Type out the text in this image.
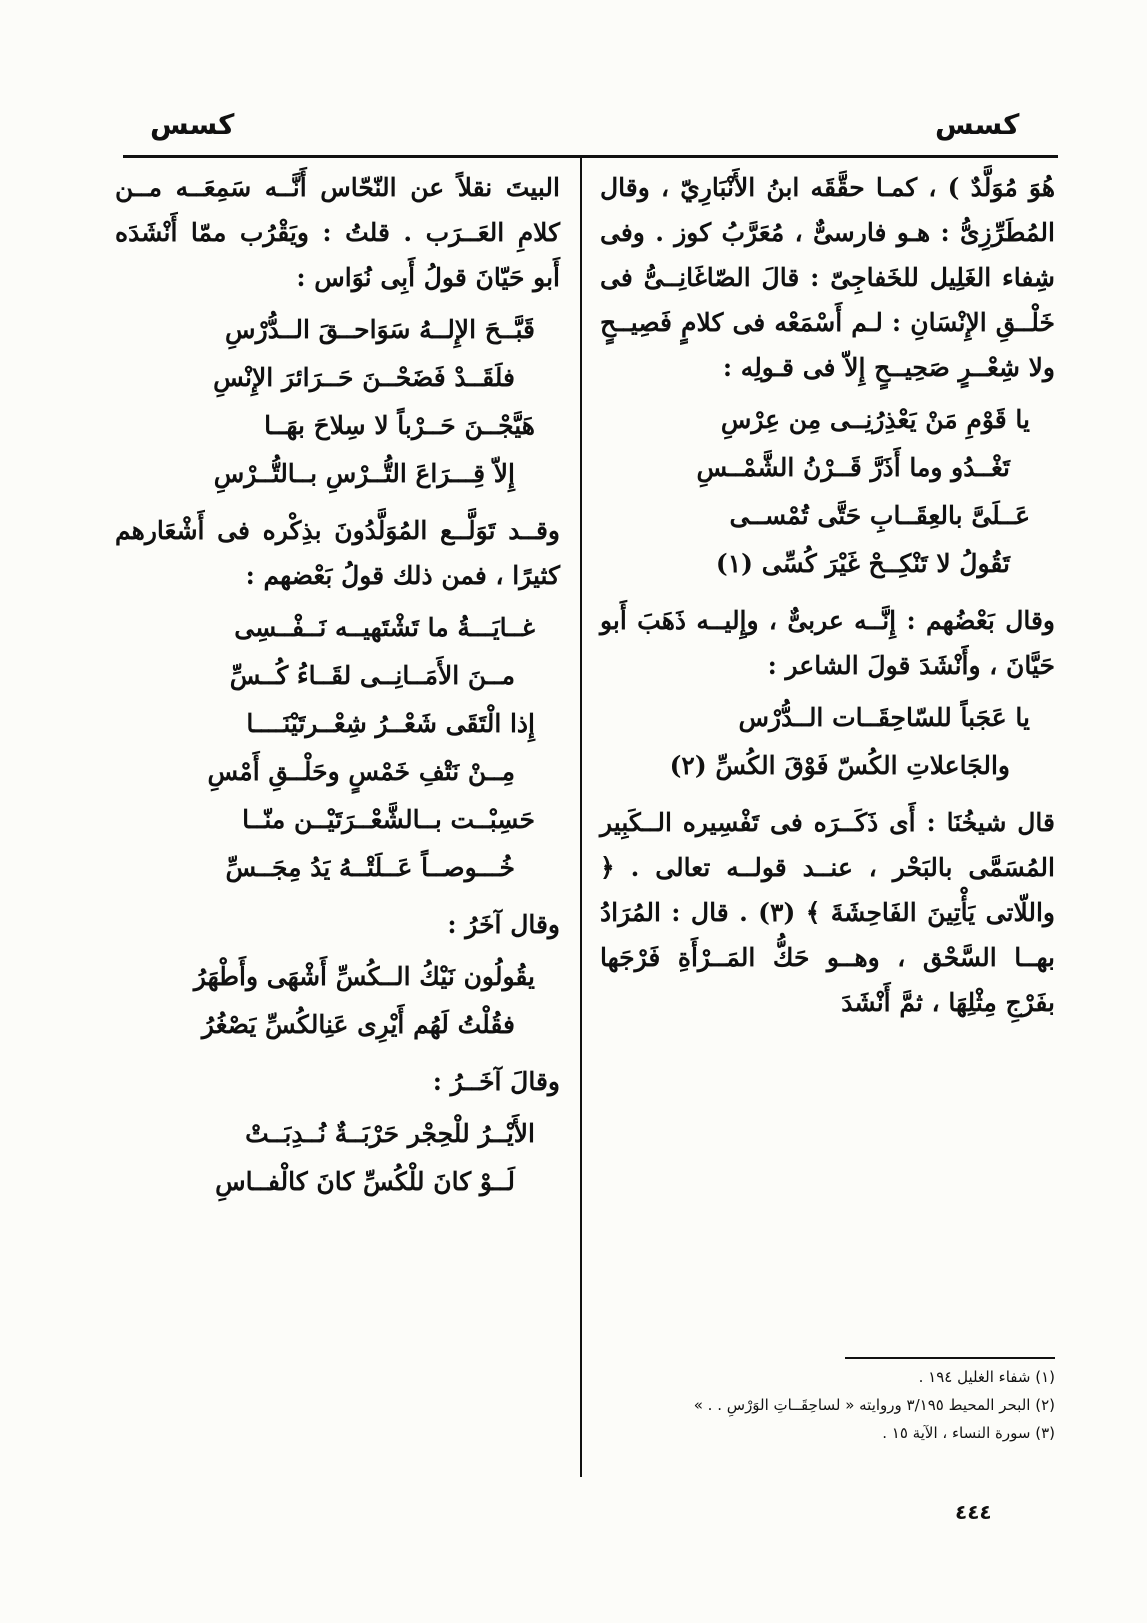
كسس
كسس

هُوَ مُوَلَّدٌ ) ، كمـا حقَّقَه ابنُ الأَنْبَارِيّ ، وقال المُطَرِّزِىُّ : هـو فارسىٌّ ، مُعَرَّبُ كوز . وفى شِفاء الغَلِيل للخَفاجِىّ : قالَ الصّاغَانِــىُّ فى خَلْــقِ الإِنْسَانِ : لـم أَسْمَعْه فى كلامٍ فَصِيــحٍ ولا شِعْــرٍ صَحِيــحٍ إِلاّ فى قـولِه :

يا قَوْمِ مَنْ يَعْذِرُنِــى مِن عِرْسِ
تَغْــدُو وما أَذَرَّ قَــرْنُ الشَّمْــسِ
عَــلَىَّ بالعِقَــابِ حَتَّى تُمْســى
تَقُولُ لا تَنْكِــحْ غَيْرَ كُسِّى (١)

وقال بَعْضُهم : إِنَّــه عربىٌّ ، وإِليــه ذَهَبَ أَبو حَيَّانَ ، وأَنْشَدَ قولَ الشاعر :

يا عَجَباً للسّاحِقَــات الــدُّرْس
والجَاعلاتِ الكُسّ فَوْقَ الكُسِّ (٢)

قال شيخُنَا : أَى ذَكَــرَه فى تَفْسِيره الــكَبِير المُسَمَّى بالبَحْر ، عنــد قولــه تعالى . ﴿ واللّاتى يَأْتِينَ الفَاحِشَةَ ﴾ (٣) . قال : المُرَادُ بهــا السَّحْق ، وهــو حَكُّ المَــرْأَةِ فَرْجَها بفَرْجِ مِثْلِهَا ، ثمَّ أَنْشَدَ

البيتَ نقلاً عن النّحّاس أَنَّــه سَمِعَــه مــن كلامِ العَــرَب . قلتُ : ويَقْرُب ممّا أَنْشَدَه أَبو حَيّانَ قولُ أَبِى نُوَاس :

قَبَّــحَ الإِلــهُ سَوَاحــقَ الــدُّرْسِ
فلَقَــدْ فَضَحْــنَ حَــرَائرَ الإِنْسِ
هَيَّجْــنَ حَــرْباً لا سِلاحَ بهَــا
إِلاّ قِـــرَاعَ التُّــرْسِ بــالتُّــرْسِ

وقــد تَوَلَّــع المُوَلَّدُونَ بذِكْره فى أَشْعَارهم كثيرًا ، فمن ذلك قولُ بَعْضهم :

غــايَـــةُ ما تَشْتَهيــه نَــفْــسِى
مــنَ الأَمَــانِــى لقَــاءُ كُــسِّ
إِذا الْتَقَى شَعْــرُ شِعْــرتَيْنَــــا
مِــنْ نَتْفِ خَمْسٍ وحَلْــقِ أَمْسِ
حَسِبْــت بــالشَّعْــرَتَيْــن منّــا
خُـــوصــاً عَــلَتْــهُ يَدُ مِجَــسِّ

وقال آخَرُ :

يقُولُون نَيْكُ الــكُسِّ أَشْهَى وأَطْهَرُ
فقُلْتُ لَهُم أَيْرِى عَنِالكُسِّ يَصْغُرُ

وقالَ آخَــرُ :

الأَيْــرُ للْحِجْر حَرْبَــةٌ نُــدِبَــتْ
لَــوْ كانَ للْكُسِّ كانَ كالْفــاسِ
(١) شفاء الغليل ١٩٤ .
(٢) البحر المحيط ٣/١٩٥ وروايته « لساحِقَــاتِ الوَرْسِ . . »
(٣) سورة النساء ، الآية ١٥ .
٤٤٤
